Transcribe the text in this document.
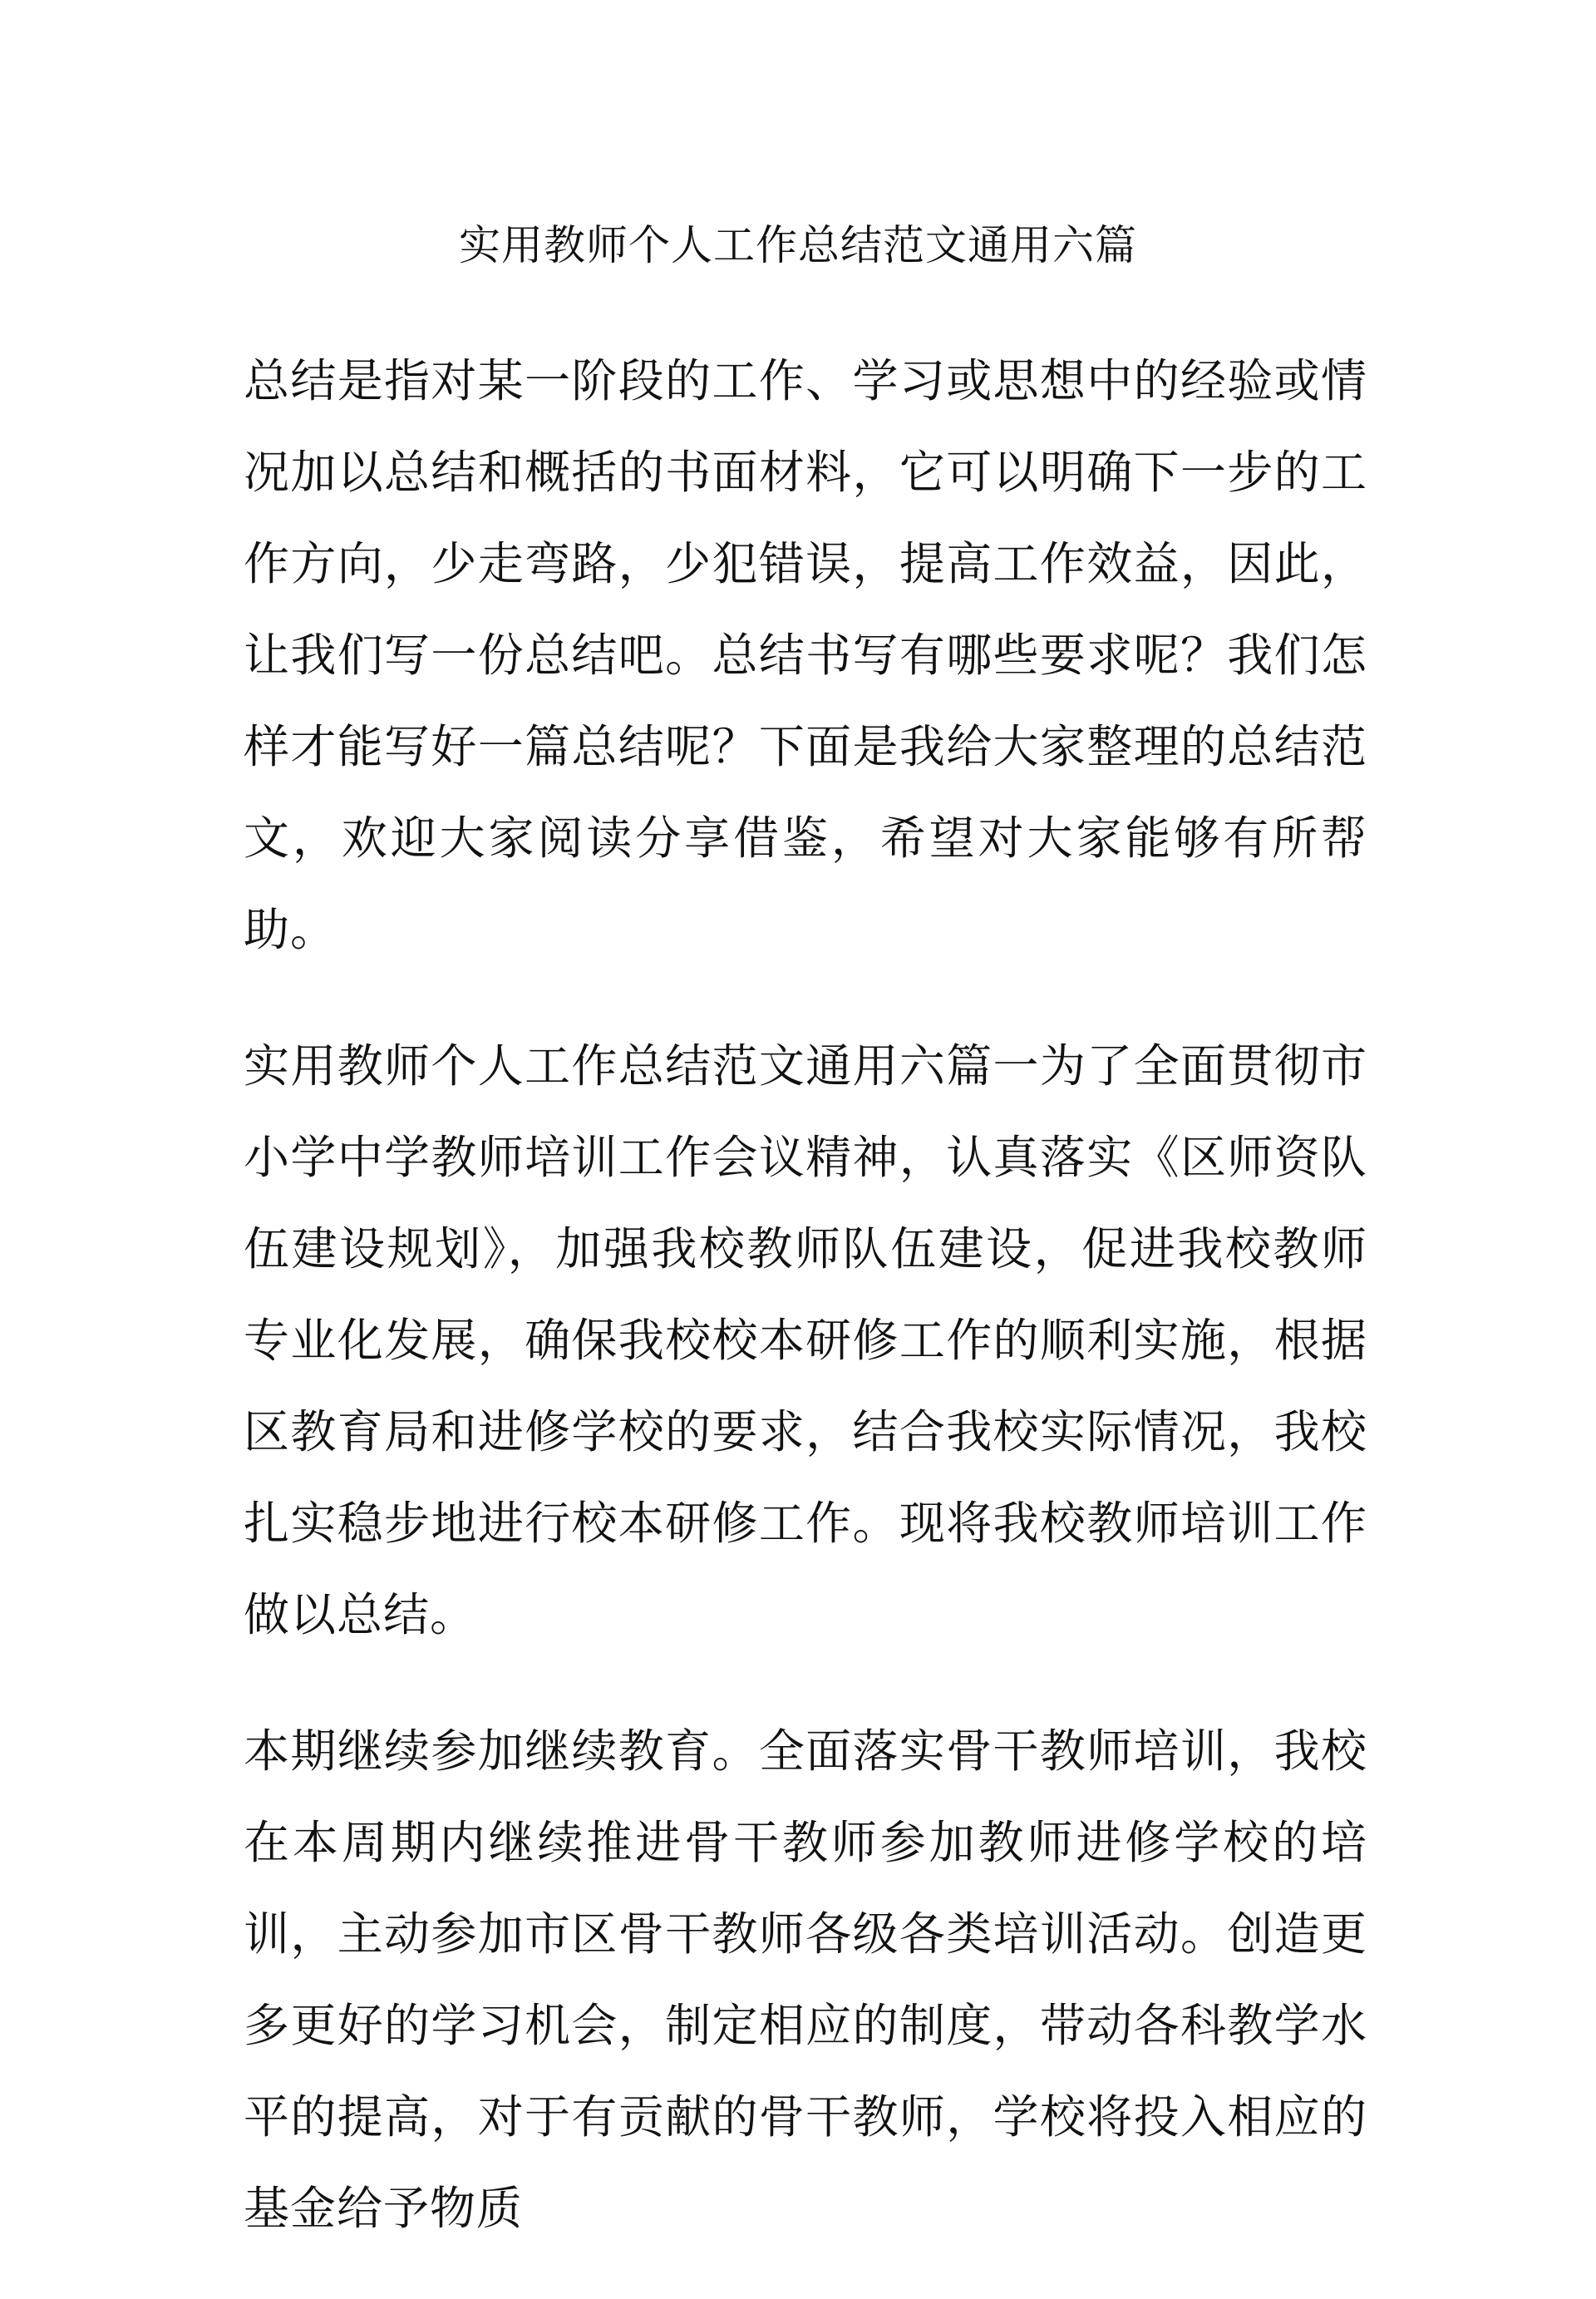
实用教师个人工作总结范文通用六篇

总结是指对某一阶段的工作、学习或思想中的经验或情况加以总结和概括的书面材料，它可以明确下一步的工作方向，少走弯路，少犯错误，提高工作效益，因此，让我们写一份总结吧。总结书写有哪些要求呢？我们怎样才能写好一篇总结呢？下面是我给大家整理的总结范文，欢迎大家阅读分享借鉴，希望对大家能够有所帮助。

实用教师个人工作总结范文通用六篇一为了全面贯彻市小学中学教师培训工作会议精神，认真落实《区师资队伍建设规划》，加强我校教师队伍建设，促进我校教师专业化发展，确保我校校本研修工作的顺利实施，根据区教育局和进修学校的要求，结合我校实际情况，我校扎实稳步地进行校本研修工作。现将我校教师培训工作做以总结。

本期继续参加继续教育。全面落实骨干教师培训，我校在本周期内继续推进骨干教师参加教师进修学校的培训，主动参加市区骨干教师各级各类培训活动。创造更多更好的学习机会，制定相应的制度，带动各科教学水平的提高，对于有贡献的骨干教师，学校将投入相应的基金给予物质
